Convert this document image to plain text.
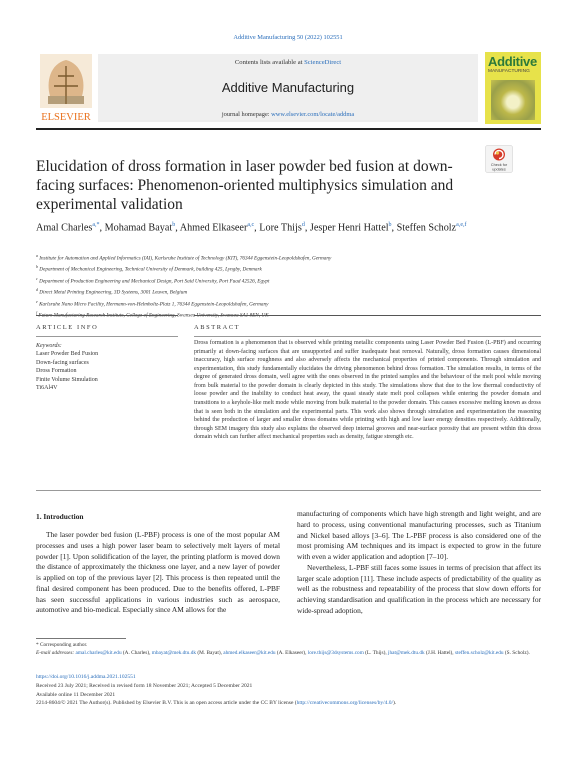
Additive Manufacturing 50 (2022) 102551
ELSEVIER
Contents lists available at ScienceDirect
Additive Manufacturing
journal homepage: www.elsevier.com/locate/addma
Additive
MANUFACTURING
Elucidation of dross formation in laser powder bed fusion at down-facing surfaces: Phenomenon-oriented multiphysics simulation and experimental validation
Check for
updates
Amal Charles$^{a,*}$, Mohamad Bayat$^b$, Ahmed Elkaseer$^{a,c}$, Lore Thijs$^d$, Jesper Henri Hattel$^b$, Steffen Scholz$^{a,e,f}$
$^a$ Institute for Automation and Applied Informatics (IAI), Karlsruhe Institute of Technology (KIT), 76344 Eggenstein-Leopoldshafen, Germany
$^b$ Department of Mechanical Engineering, Technical University of Denmark, building 425, Lyngby, Denmark
$^c$ Department of Production Engineering and Mechanical Design, Port Said University, Port Fuad 42526, Egypt
$^d$ Direct Metal Printing Engineering, 3D Systems, 3001 Leuven, Belgium
$^e$ Karlsruhe Nano Micro Facility, Hermann-von-Helmholtz-Platz 1, 76344 Eggenstein-Leopoldshafen, Germany
$^f$ Swansea
ARTICLE INFO	ABSTRACT
Keywords:
Laser Powder Bed Fusion
Down-facing surfaces
Dross Formation
Finite Volume Simulation
Ti6Al4V
Dross formation is a phenomenon that is observed while printing metallic components using Laser Powder Bed Fusion (L-PBF) and occurring primarily at down-facing surfaces that are unsupported and suffer inadequate heat removal. Naturally, dross formation causes dimensional inaccuracy, high surface roughness and also adversely affects the mechanical properties of printed components. Through simulation and experimentation, this study fundamentally elucidates the driving phenomenon behind dross formation. The simulation results, in terms of the degree of generated dross domain, well agree with the ones observed in the printed samples and the behaviour of the melt pool while moving from bulk material to the powder domain is clearly depicted in this study. The simulations show that due to the low thermal conductivity of loose powder and the inability to conduct heat away, the quasi steady state melt pool collapses while entering the powder domain and transitions to a keyhole-like melt mode while moving from bulk material to the powder domain. This causes excessive melting known as dross that is seen both in the simulation and the experimental parts. This work also shows through simulation and experimentation the reasoning behind the production of larger and smaller dross domains while printing with high and low laser energy densities respectively. Additionally, through SEM imagery this study also explains the observed deep internal grooves and near-surface porosity that are present within this dross domain which can further affect mechanical properties such as density, fatigue strength etc.
1. Introduction

The laser powder bed fusion (L-PBF) process is one of the most popular AM processes and uses a high power laser beam to selectively melt layers of metal powder [1]. Upon solidification of the layer, the printing platform is moved down the distance of approximately the thickness one layer, and a new layer of powder is applied on top of the previous layer [2]. This process is then repeated until the final desired component has been produced. Due to the benefits offered, L-PBF has seen successful applications in various industries such as aerospace, automotive and bio-medical. Especially since AM allows for the

manufacturing of components which have high strength and light weight, and are hard to process, using conventional manufacturing processes, such as Titanium and Nickel based alloys [3–6]. The L-PBF process is also considered one of the most promising AM techniques and its impact is expected to grow in the future with even a wider application and adoption [7–10].

Nevertheless, L-PBF still faces some issues in terms of precision that affect its larger scale adoption [11]. These include aspects of predictability of the quality as well as the robustness and repeatability of the process that slow down efforts for achieving standardisation and qualification in the process which are necessary for wide-spread adoption,

* Corresponding author.
E-mail addresses: amal.charles@kit.edu (A. Charles), mbayat@mek.dtu.dk (M. Bayat), ahmed.elkaseer@kit.edu (A. Elkaseer), lore.thijs@3dsystems.com (L. Thijs), jhat@mek.dtu.dk (J.H. Hattel), steffen.scholz@kit.edu (S. Scholz).
https://doi.org/10.1016/j.addma.2021.102551
Received 23 July 2021; Received in revised form 18 November 2021; Accepted 5 December 2021
Available online 11 December 2021
2214-8604/© 2021 The Author(s). Published by Elsevier B.V. This is an open access article under the CC BY license (http://creativecommons.org/licenses/by/4.0/).
